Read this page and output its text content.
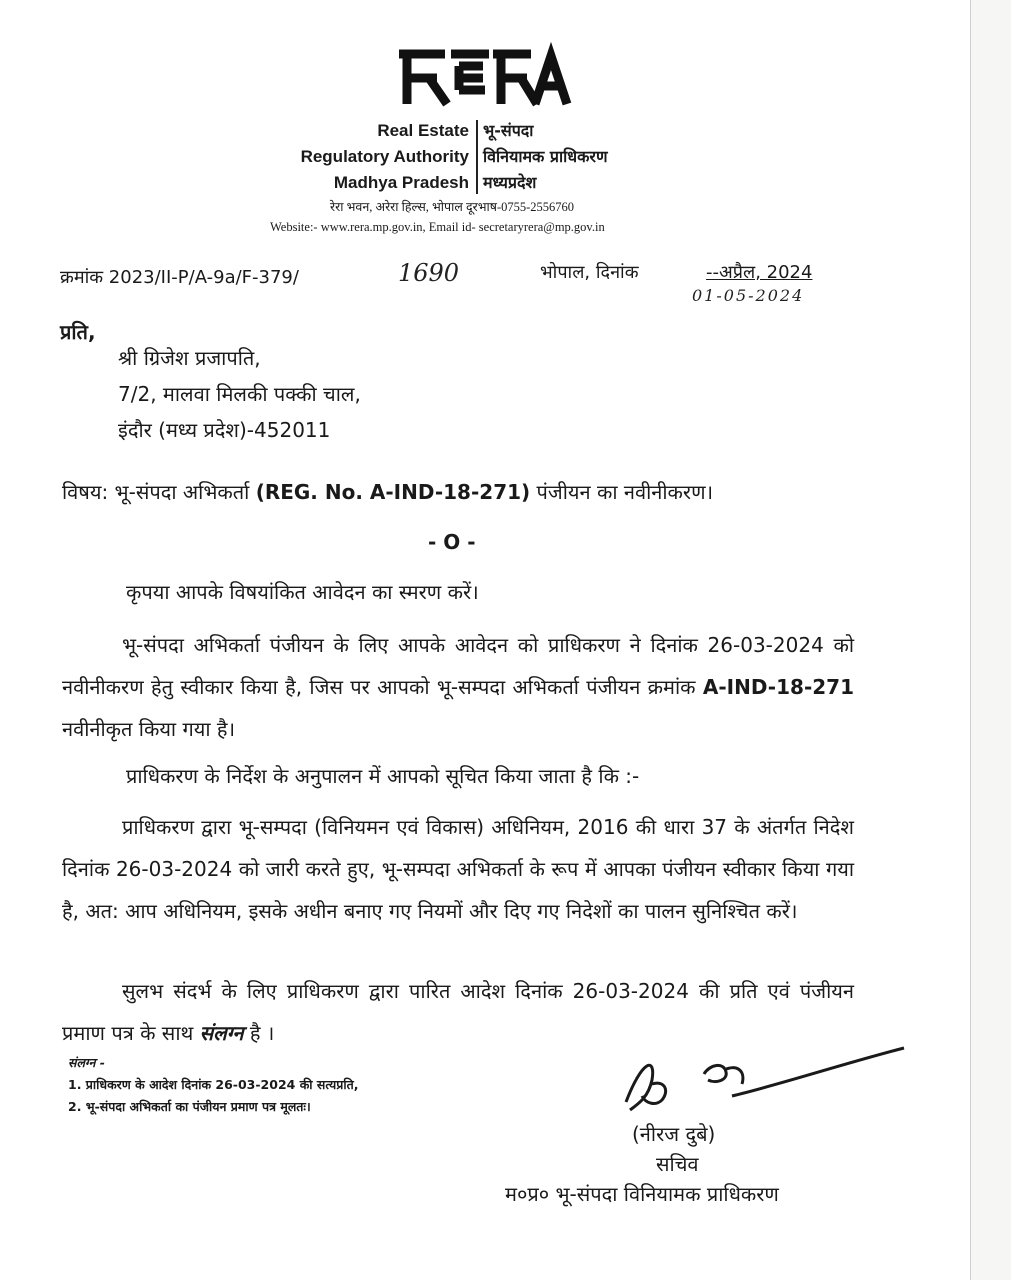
Real Estate
Regulatory Authority
Madhya Pradesh
भू-संपदा
विनियामक प्राधिकरण
मध्यप्रदेश
रेरा भवन, अरेरा हिल्स, भोपाल दूरभाष-0755-2556760
Website:- www.rera.mp.gov.in, Email id- secretaryrera@mp.gov.in
क्रमांक 2023/II-P/A-9a/F-379/	1690	भोपाल, दिनांक	--अप्रैल, 2024
01-05-2024
प्रति,
श्री ग्रिजेश प्रजापति,
7/2, मालवा मिलकी पक्की चाल,
इंदौर (मध्य प्रदेश)-452011
विषय: भू-संपदा अभिकर्ता (REG. No. A-IND-18-271) पंजीयन का नवीनीकरण।
- O -
कृपया आपके विषयांकित आवेदन का स्मरण करें।
भू-संपदा अभिकर्ता पंजीयन के लिए आपके आवेदन को प्राधिकरण ने दिनांक 26-03-2024 को नवीनीकरण हेतु स्वीकार किया है, जिस पर आपको भू-सम्पदा अभिकर्ता पंजीयन क्रमांक A-IND-18-271 नवीनीकृत किया गया है।
प्राधिकरण के निर्देश के अनुपालन में आपको सूचित किया जाता है कि :-
प्राधिकरण द्वारा भू-सम्पदा (विनियमन एवं विकास) अधिनियम, 2016 की धारा 37 के अंतर्गत निदेश दिनांक 26-03-2024 को जारी करते हुए, भू-सम्पदा अभिकर्ता के रूप में आपका पंजीयन स्वीकार किया गया है, अत: आप अधिनियम, इसके अधीन बनाए गए नियमों और दिए गए निदेशों का पालन सुनिश्चित करें।
सुलभ संदर्भ के लिए प्राधिकरण द्वारा पारित आदेश दिनांक 26-03-2024 की प्रति एवं पंजीयन प्रमाण पत्र के साथ संलग्न है ।
संलग्न -
1. प्राधिकरण के आदेश दिनांक 26-03-2024 की सत्यप्रति,
2. भू-संपदा अभिकर्ता का पंजीयन प्रमाण पत्र मूलतः।
(नीरज दुबे)
सचिव
म०प्र० भू-संपदा विनियामक प्राधिकरण
